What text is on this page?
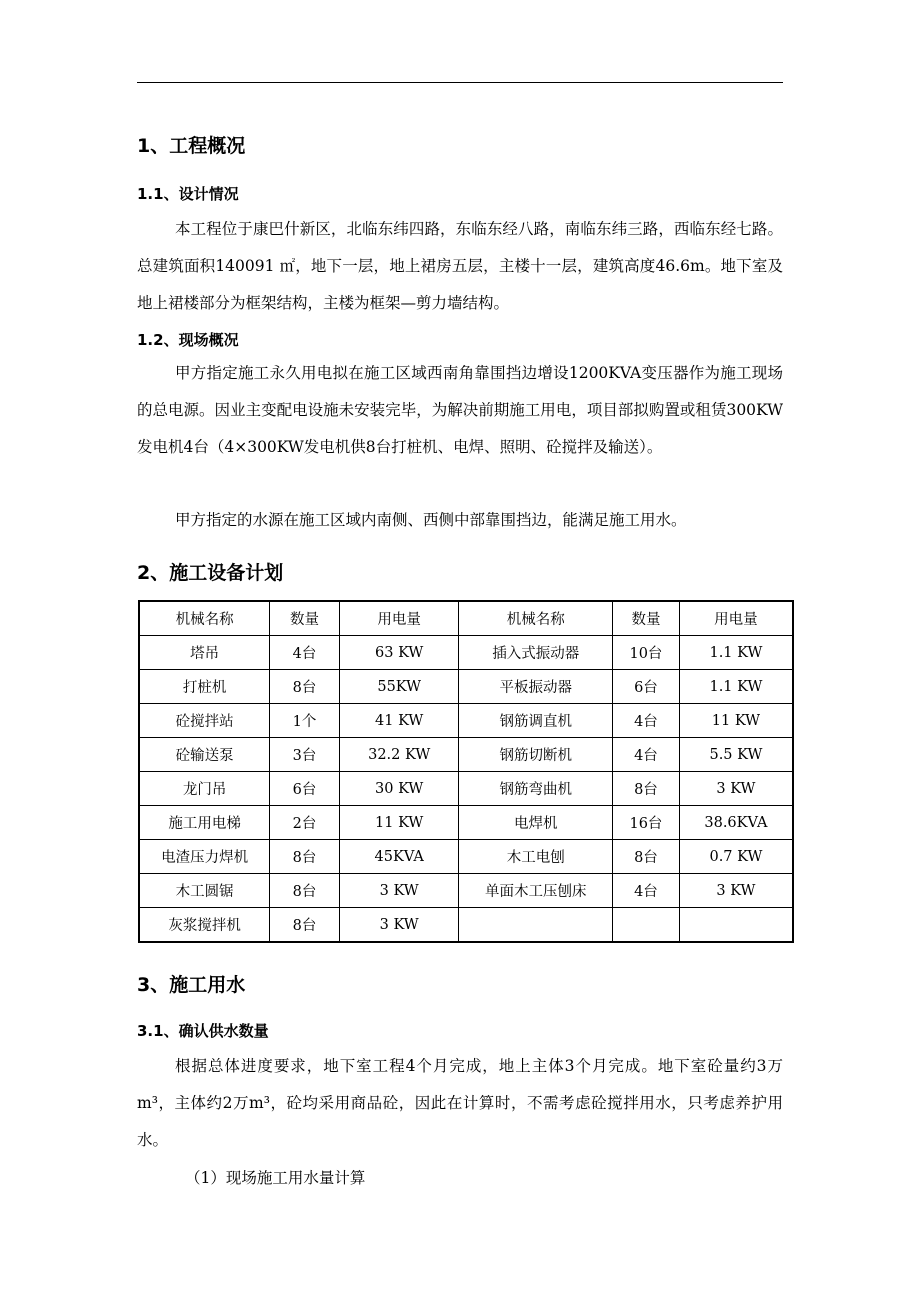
1、工程概况
1.1、设计情况

本工程位于康巴什新区，北临东纬四路，东临东经八路，南临东纬三路，西临东经七路。总建筑面积140091 ㎡，地下一层，地上裙房五层，主楼十一层，建筑高度46.6m。地下室及地上裙楼部分为框架结构，主楼为框架—剪力墙结构。

1.2、现场概况

甲方指定施工永久用电拟在施工区域西南角靠围挡边增设1200KVA变压器作为施工现场的总电源。因业主变配电设施未安装完毕，为解决前期施工用电，项目部拟购置或租赁300KW发电机4台（4×300KW发电机供8台打桩机、电焊、照明、砼搅拌及输送）。

甲方指定的水源在施工区域内南侧、西侧中部靠围挡边，能满足施工用水。

2、施工设备计划
机械名称	数量	用电量	机械名称	数量	用电量
塔吊	4台	63 KW	插入式振动器	10台	1.1 KW
打桩机	8台	55KW	平板振动器	6台	1.1 KW
砼搅拌站	1个	41 KW	钢筋调直机	4台	11 KW
砼输送泵	3台	32.2 KW	钢筋切断机	4台	5.5 KW
龙门吊	6台	30 KW	钢筋弯曲机	8台	3 KW
施工用电梯	2台	11 KW	电焊机	16台	38.6KVA
电渣压力焊机	8台	45KVA	木工电刨	8台	0.7 KW
木工圆锯	8台	3 KW	单面木工压刨床	4台	3 KW
灰浆搅拌机	8台	3 KW			
3、施工用水
3.1、确认供水数量

根据总体进度要求，地下室工程4个月完成，地上主体3个月完成。地下室砼量约3万m³，主体约2万m³，砼均采用商品砼，因此在计算时，不需考虑砼搅拌用水，只考虑养护用水。

（1）现场施工用水量计算
